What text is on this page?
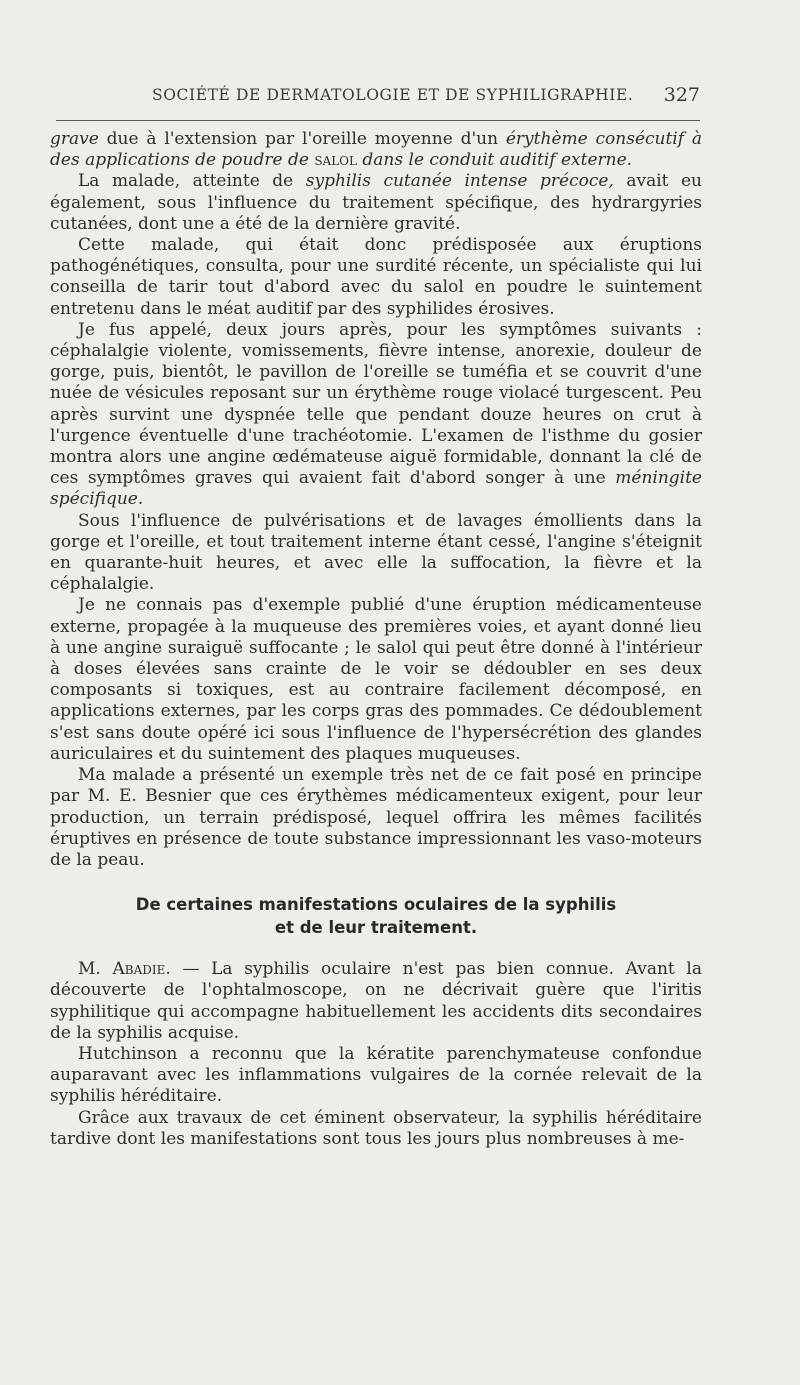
SOCIÉTÉ DE DERMATOLOGIE ET DE SYPHILIGRAPHIE. 327

grave due à l'extension par l'oreille moyenne d'un érythème consécutif à des applications de poudre de salol dans le conduit auditif externe.

La malade, atteinte de syphilis cutanée intense précoce, avait eu également, sous l'influence du traitement spécifique, des hydrargyries cutanées, dont une a été de la dernière gravité.

Cette malade, qui était donc prédisposée aux éruptions pathogénétiques, consulta, pour une surdité récente, un spécialiste qui lui conseilla de tarir tout d'abord avec du salol en poudre le suintement entretenu dans le méat auditif par des syphilides érosives.

Je fus appelé, deux jours après, pour les symptômes suivants : céphalalgie violente, vomissements, fièvre intense, anorexie, douleur de gorge, puis, bientôt, le pavillon de l'oreille se tuméfia et se couvrit d'une nuée de vésicules reposant sur un érythème rouge violacé turgescent. Peu après survint une dyspnée telle que pendant douze heures on crut à l'urgence éventuelle d'une trachéotomie. L'examen de l'isthme du gosier montra alors une angine œdémateuse aiguë formidable, donnant la clé de ces symptômes graves qui avaient fait d'abord songer à une méningite spécifique.

Sous l'influence de pulvérisations et de lavages émollients dans la gorge et l'oreille, et tout traitement interne étant cessé, l'angine s'éteignit en quarante-huit heures, et avec elle la suffocation, la fièvre et la céphalalgie.

Je ne connais pas d'exemple publié d'une éruption médicamenteuse externe, propagée à la muqueuse des premières voies, et ayant donné lieu à une angine suraiguë suffocante ; le salol qui peut être donné à l'intérieur à doses élevées sans crainte de le voir se dédoubler en ses deux composants si toxiques, est au contraire facilement décomposé, en applications externes, par les corps gras des pommades. Ce dédoublement s'est sans doute opéré ici sous l'influence de l'hypersécrétion des glandes auriculaires et du suintement des plaques muqueuses.

Ma malade a présenté un exemple très net de ce fait posé en principe par M. E. Besnier que ces érythèmes médicamenteux exigent, pour leur production, un terrain prédisposé, lequel offrira les mêmes facilités éruptives en présence de toute substance impressionnant les vaso-moteurs de la peau.

De certaines manifestations oculaires de la syphilis
et de leur traitement.

M. Abadie. — La syphilis oculaire n'est pas bien connue. Avant la découverte de l'ophtalmoscope, on ne décrivait guère que l'iritis syphilitique qui accompagne habituellement les accidents dits secondaires de la syphilis acquise.

Hutchinson a reconnu que la kératite parenchymateuse confondue auparavant avec les inflammations vulgaires de la cornée relevait de la syphilis héréditaire.

Grâce aux travaux de cet éminent observateur, la syphilis héréditaire tardive dont les manifestations sont tous les jours plus nombreuses à me-
